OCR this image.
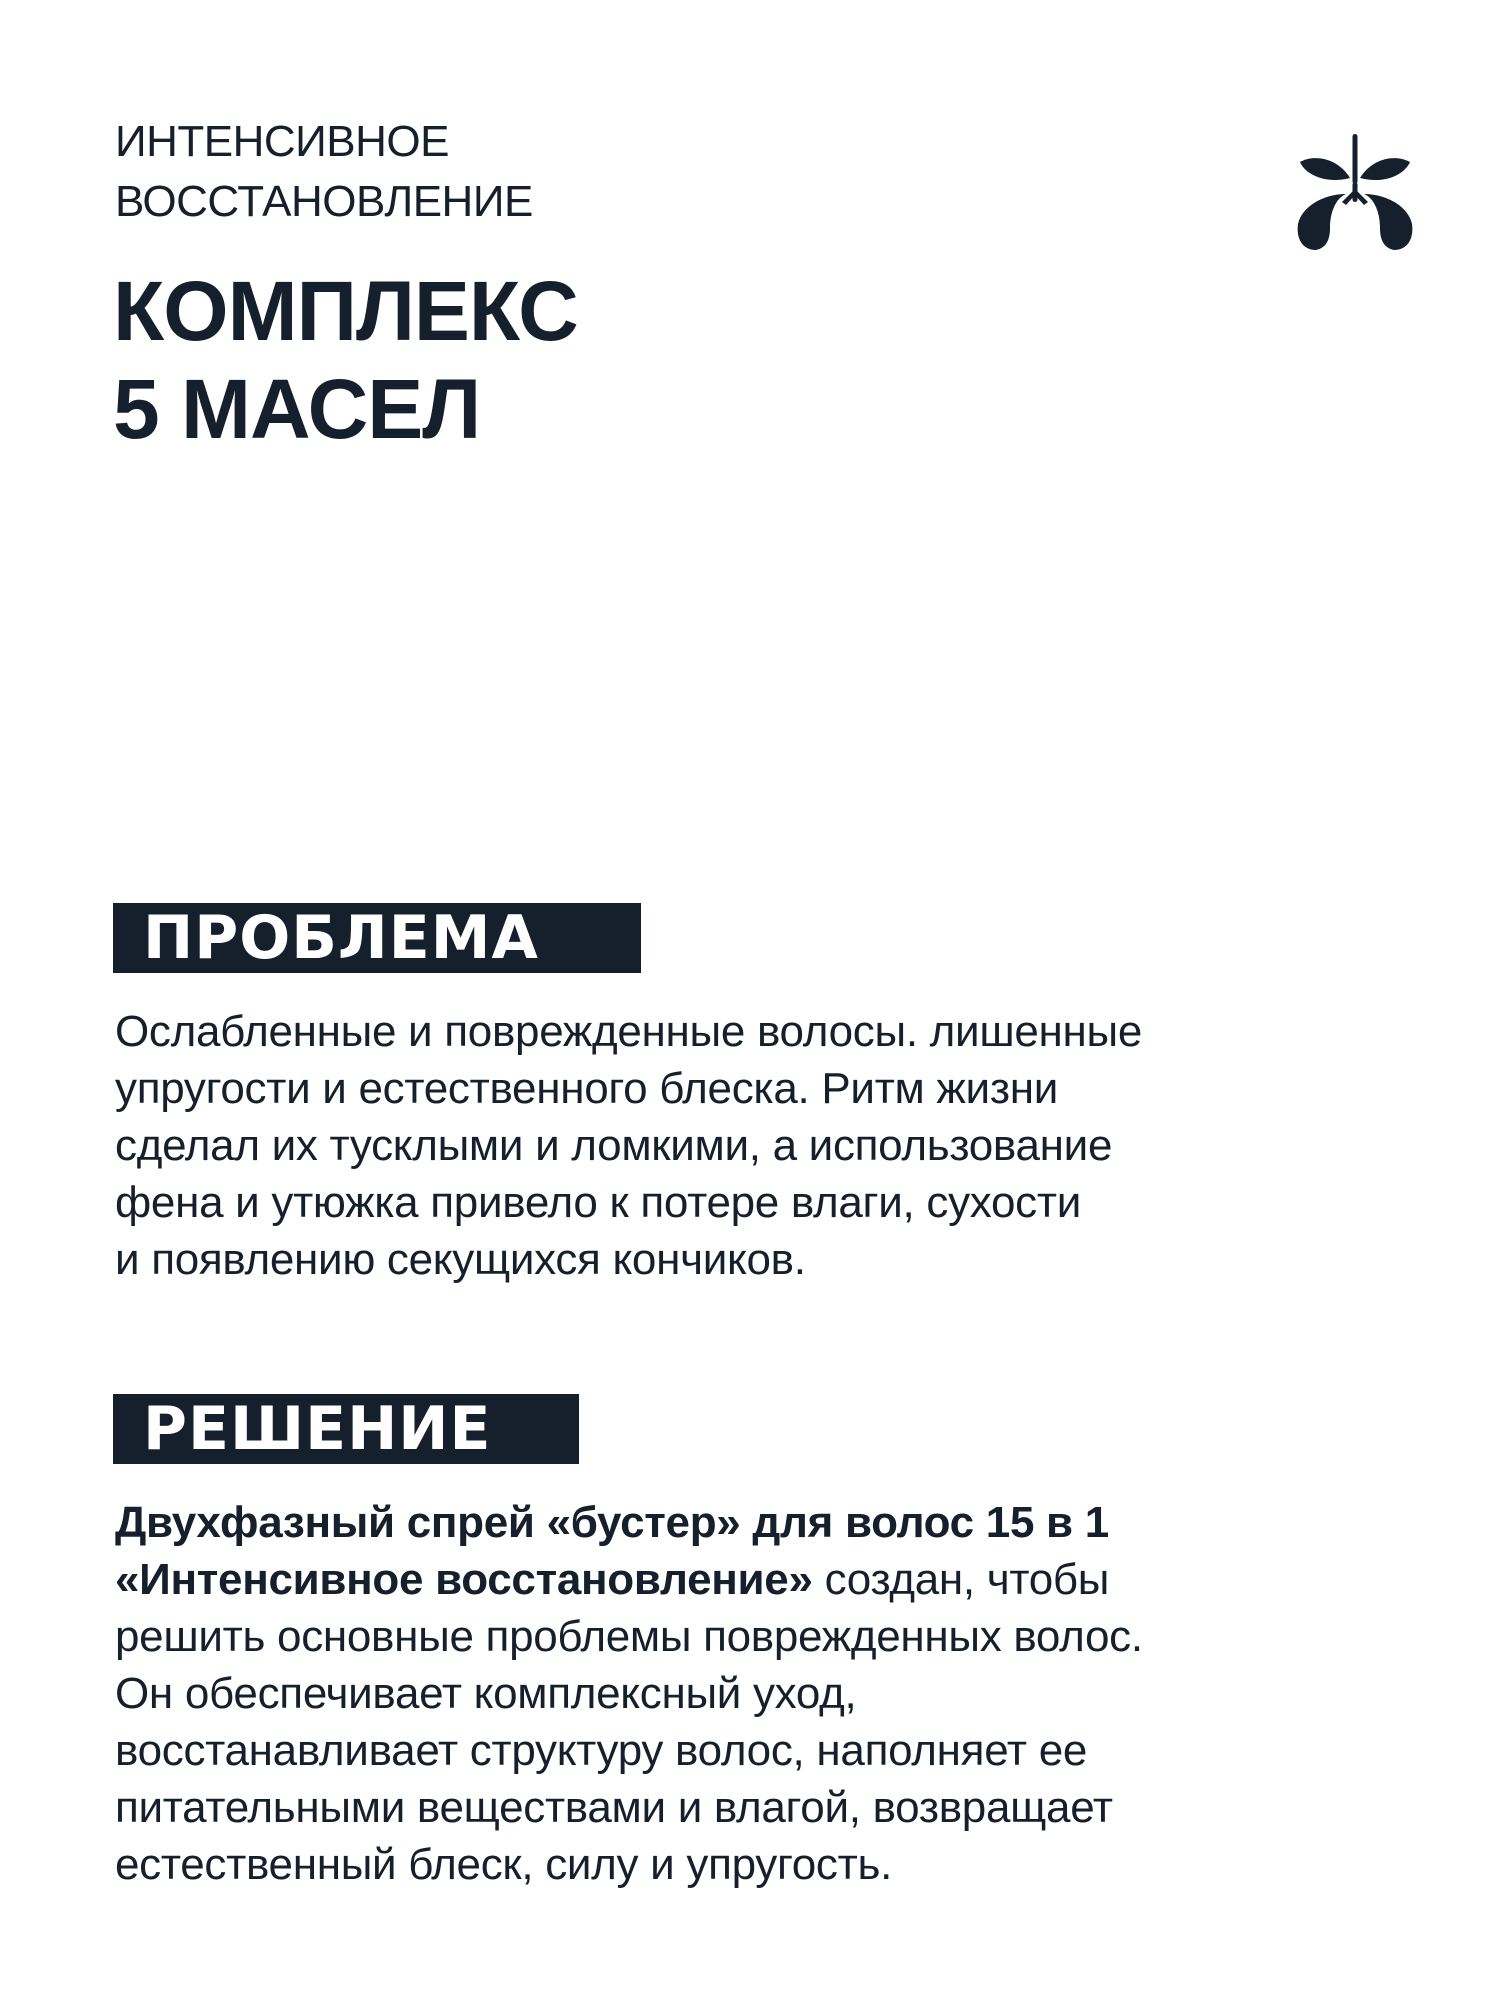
ИНТЕНСИВНОЕ
ВОССТАНОВЛЕНИЕ
КОМПЛЕКС
5 МАСЕЛ
ПРОБЛЕМА
Ослабленные и поврежденные волосы. лишенные
упругости и естественного блеска. Ритм жизни
сделал их тусклыми и ломкими, а использование
фена и утюжка привело к потере влаги, сухости
и появлению секущихся кончиков.
РЕШЕНИЕ
Двухфазный спрей «бустер» для волос 15 в 1
«Интенсивное восстановление» создан, чтобы
решить основные проблемы поврежденных волос.
Он обеспечивает комплексный уход,
восстанавливает структуру волос, наполняет ее
питательными веществами и влагой, возвращает
естественный блеск, силу и упругость.
